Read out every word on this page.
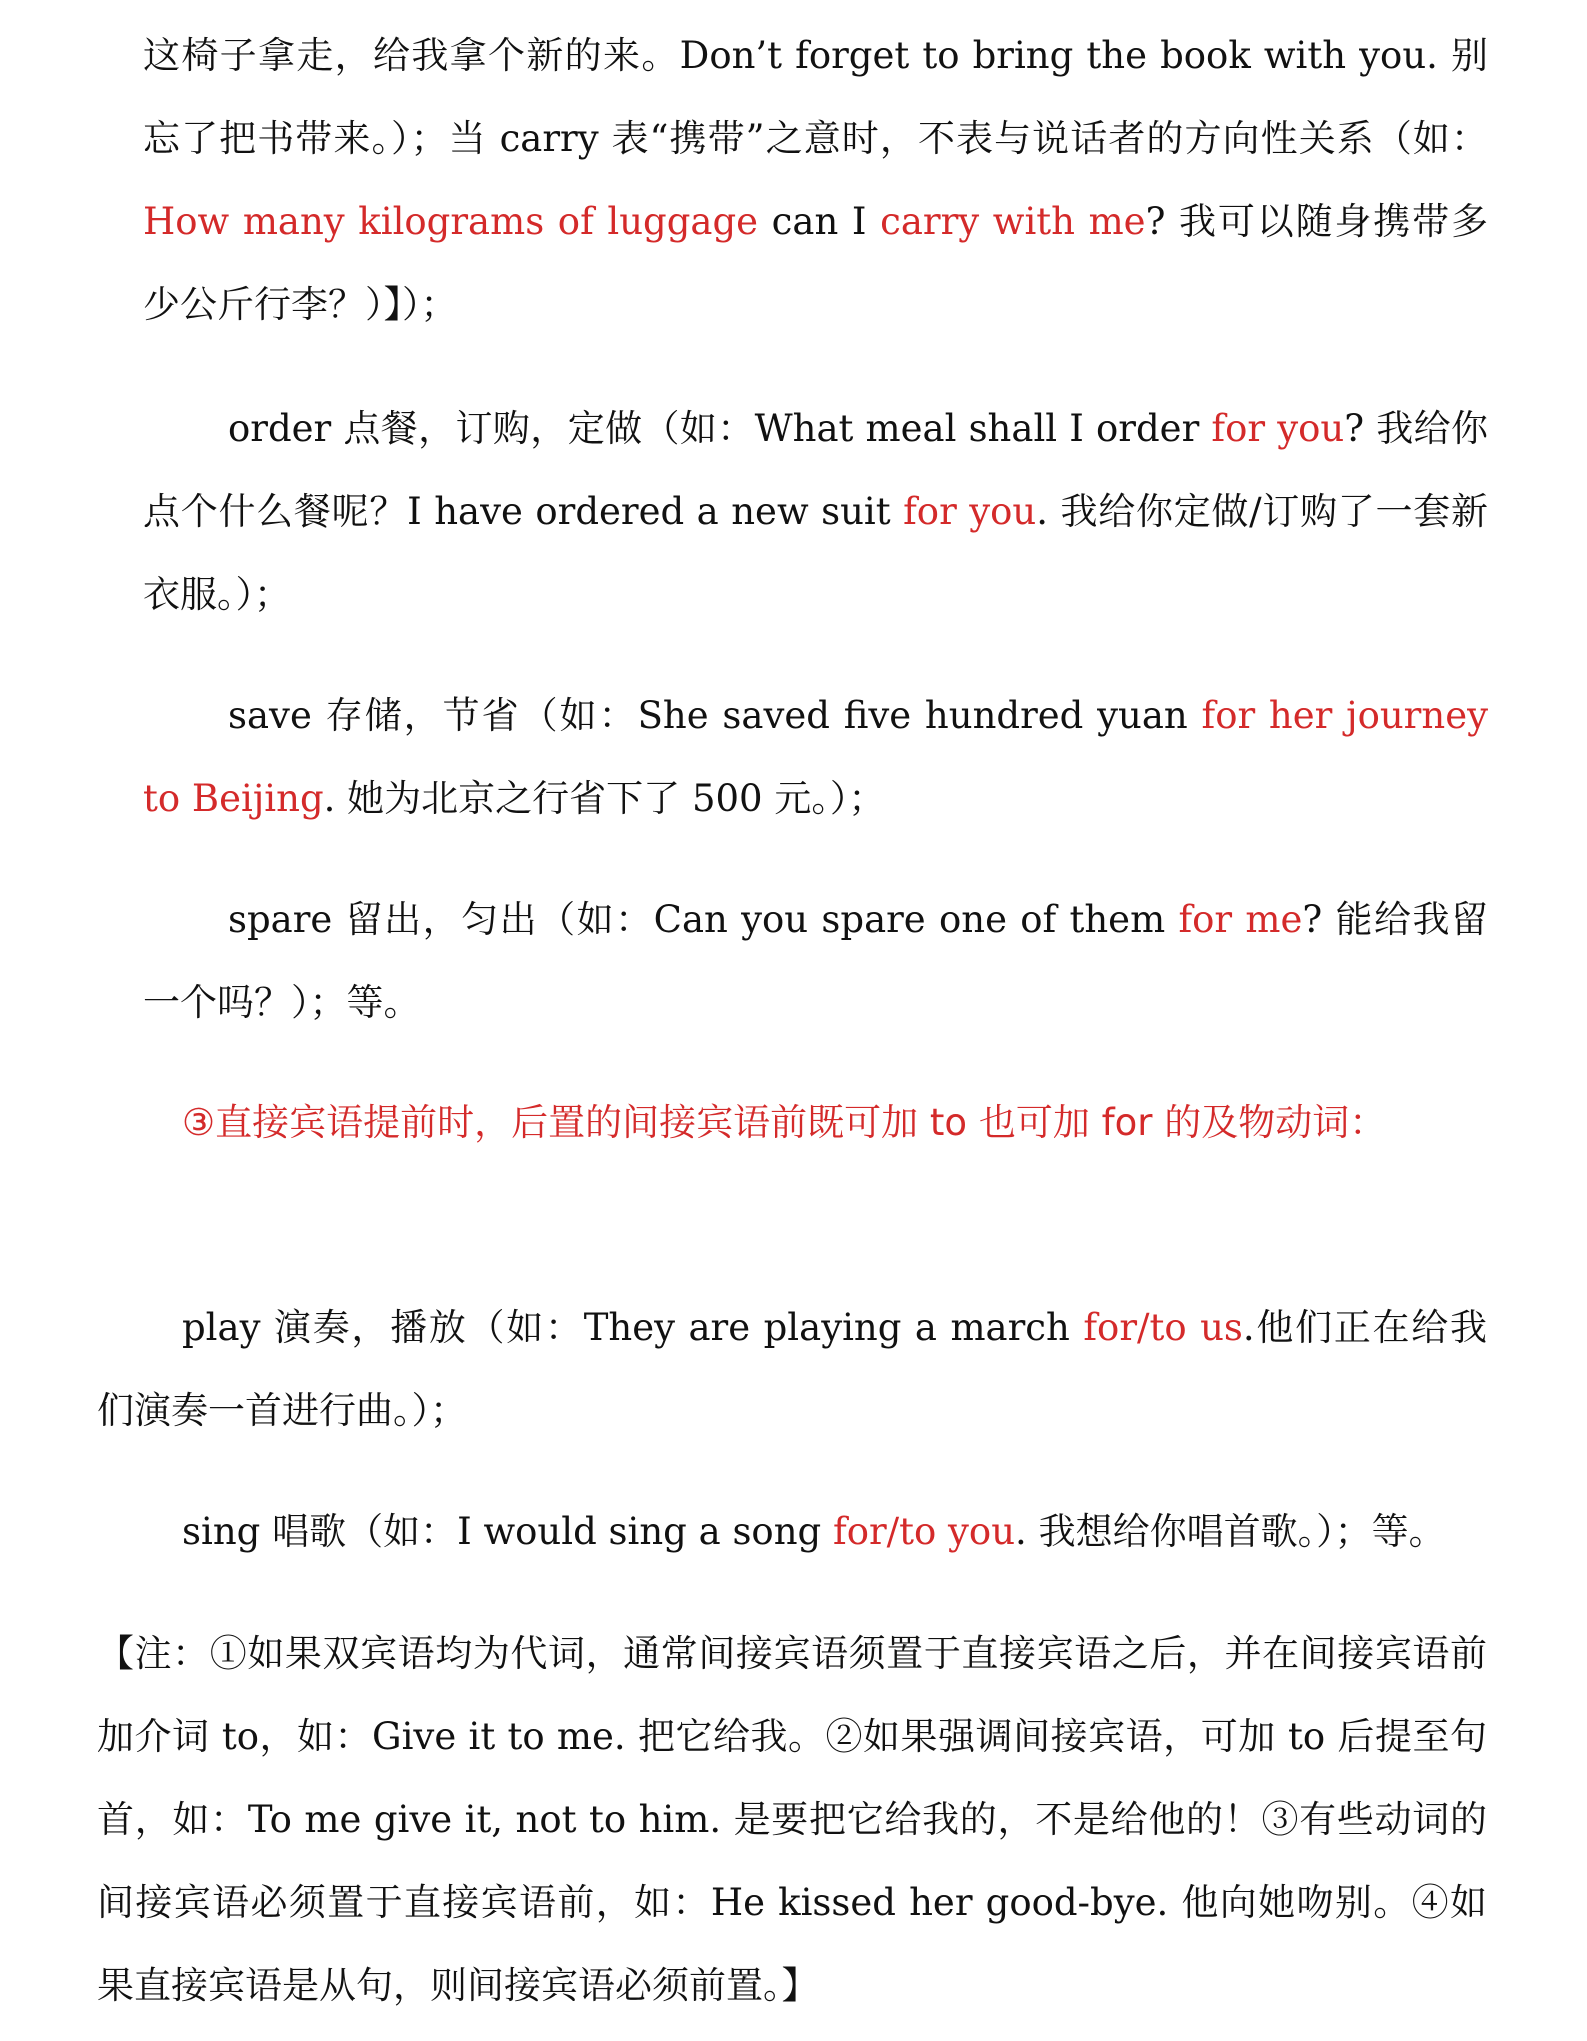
这椅子拿走，给我拿个新的来。Don’t forget to bring the book with you. 别忘了把书带来。）；当 carry 表“携带”之意时，不表与说话者的方向性关系（如：How many kilograms of luggage can I carry with me? 我可以随身携带多少公斤行李？）】）；

order 点餐，订购，定做（如：What meal shall I order for you? 我给你点个什么餐呢？I have ordered a new suit for you. 我给你定做/订购了一套新衣服。）；

save 存储，节省（如：She saved five hundred yuan for her journey to Beijing. 她为北京之行省下了 500 元。）；

spare 留出，匀出（如：Can you spare one of them for me? 能给我留一个吗？）；等。

③直接宾语提前时，后置的间接宾语前既可加 to 也可加 for 的及物动词：

play 演奏，播放（如：They are playing a march for/to us.他们正在给我们演奏一首进行曲。）；

sing 唱歌（如：I would sing a song for/to you. 我想给你唱首歌。）；等。

【注：①如果双宾语均为代词，通常间接宾语须置于直接宾语之后，并在间接宾语前加介词 to，如：Give it to me. 把它给我。②如果强调间接宾语，可加 to 后提至句首，如：To me give it, not to him. 是要把它给我的，不是给他的！③有些动词的间接宾语必须置于直接宾语前，如：He kissed her good-bye. 他向她吻别。④如果直接宾语是从句，则间接宾语必须前置。】
